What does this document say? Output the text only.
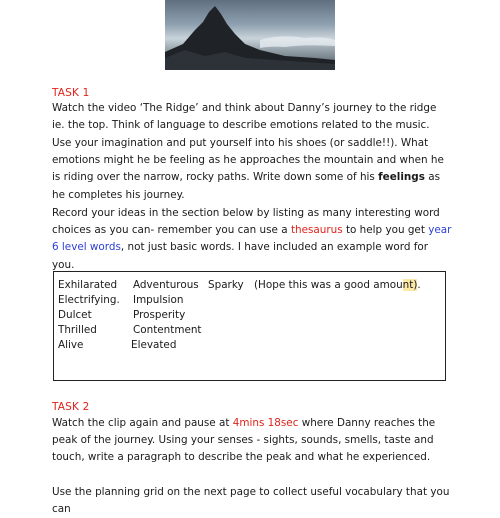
TASK 1

Watch the video ‘The Ridge’ and think about Danny’s journey to the ridge ie. the top. Think of language to describe emotions related to the music.

Use your imagination and put yourself into his shoes (or saddle!!). What emotions might he be feeling as he approaches the mountain and when he is riding over the narrow, rocky paths. Write down some of his feelings as he completes his journey.

Record your ideas in the section below by listing as many interesting word choices as you can- remember you can use a thesaurus to help you get year 6 level words, not just basic words. I have included an example word for you.

Exhilarated Adventurous Sparky (Hope this was a good amount).
Electrifying. Impulsion
Dulcet	Prosperity
Thrilled	Contentment
Alive	Elevated
TASK 2

Watch the clip again and pause at 4mins 18sec where Danny reaches the peak of the journey. Using your senses - sights, sounds, smells, taste and touch, write a paragraph to describe the peak and what he experienced.

Use the planning grid on the next page to collect useful vocabulary that you can
